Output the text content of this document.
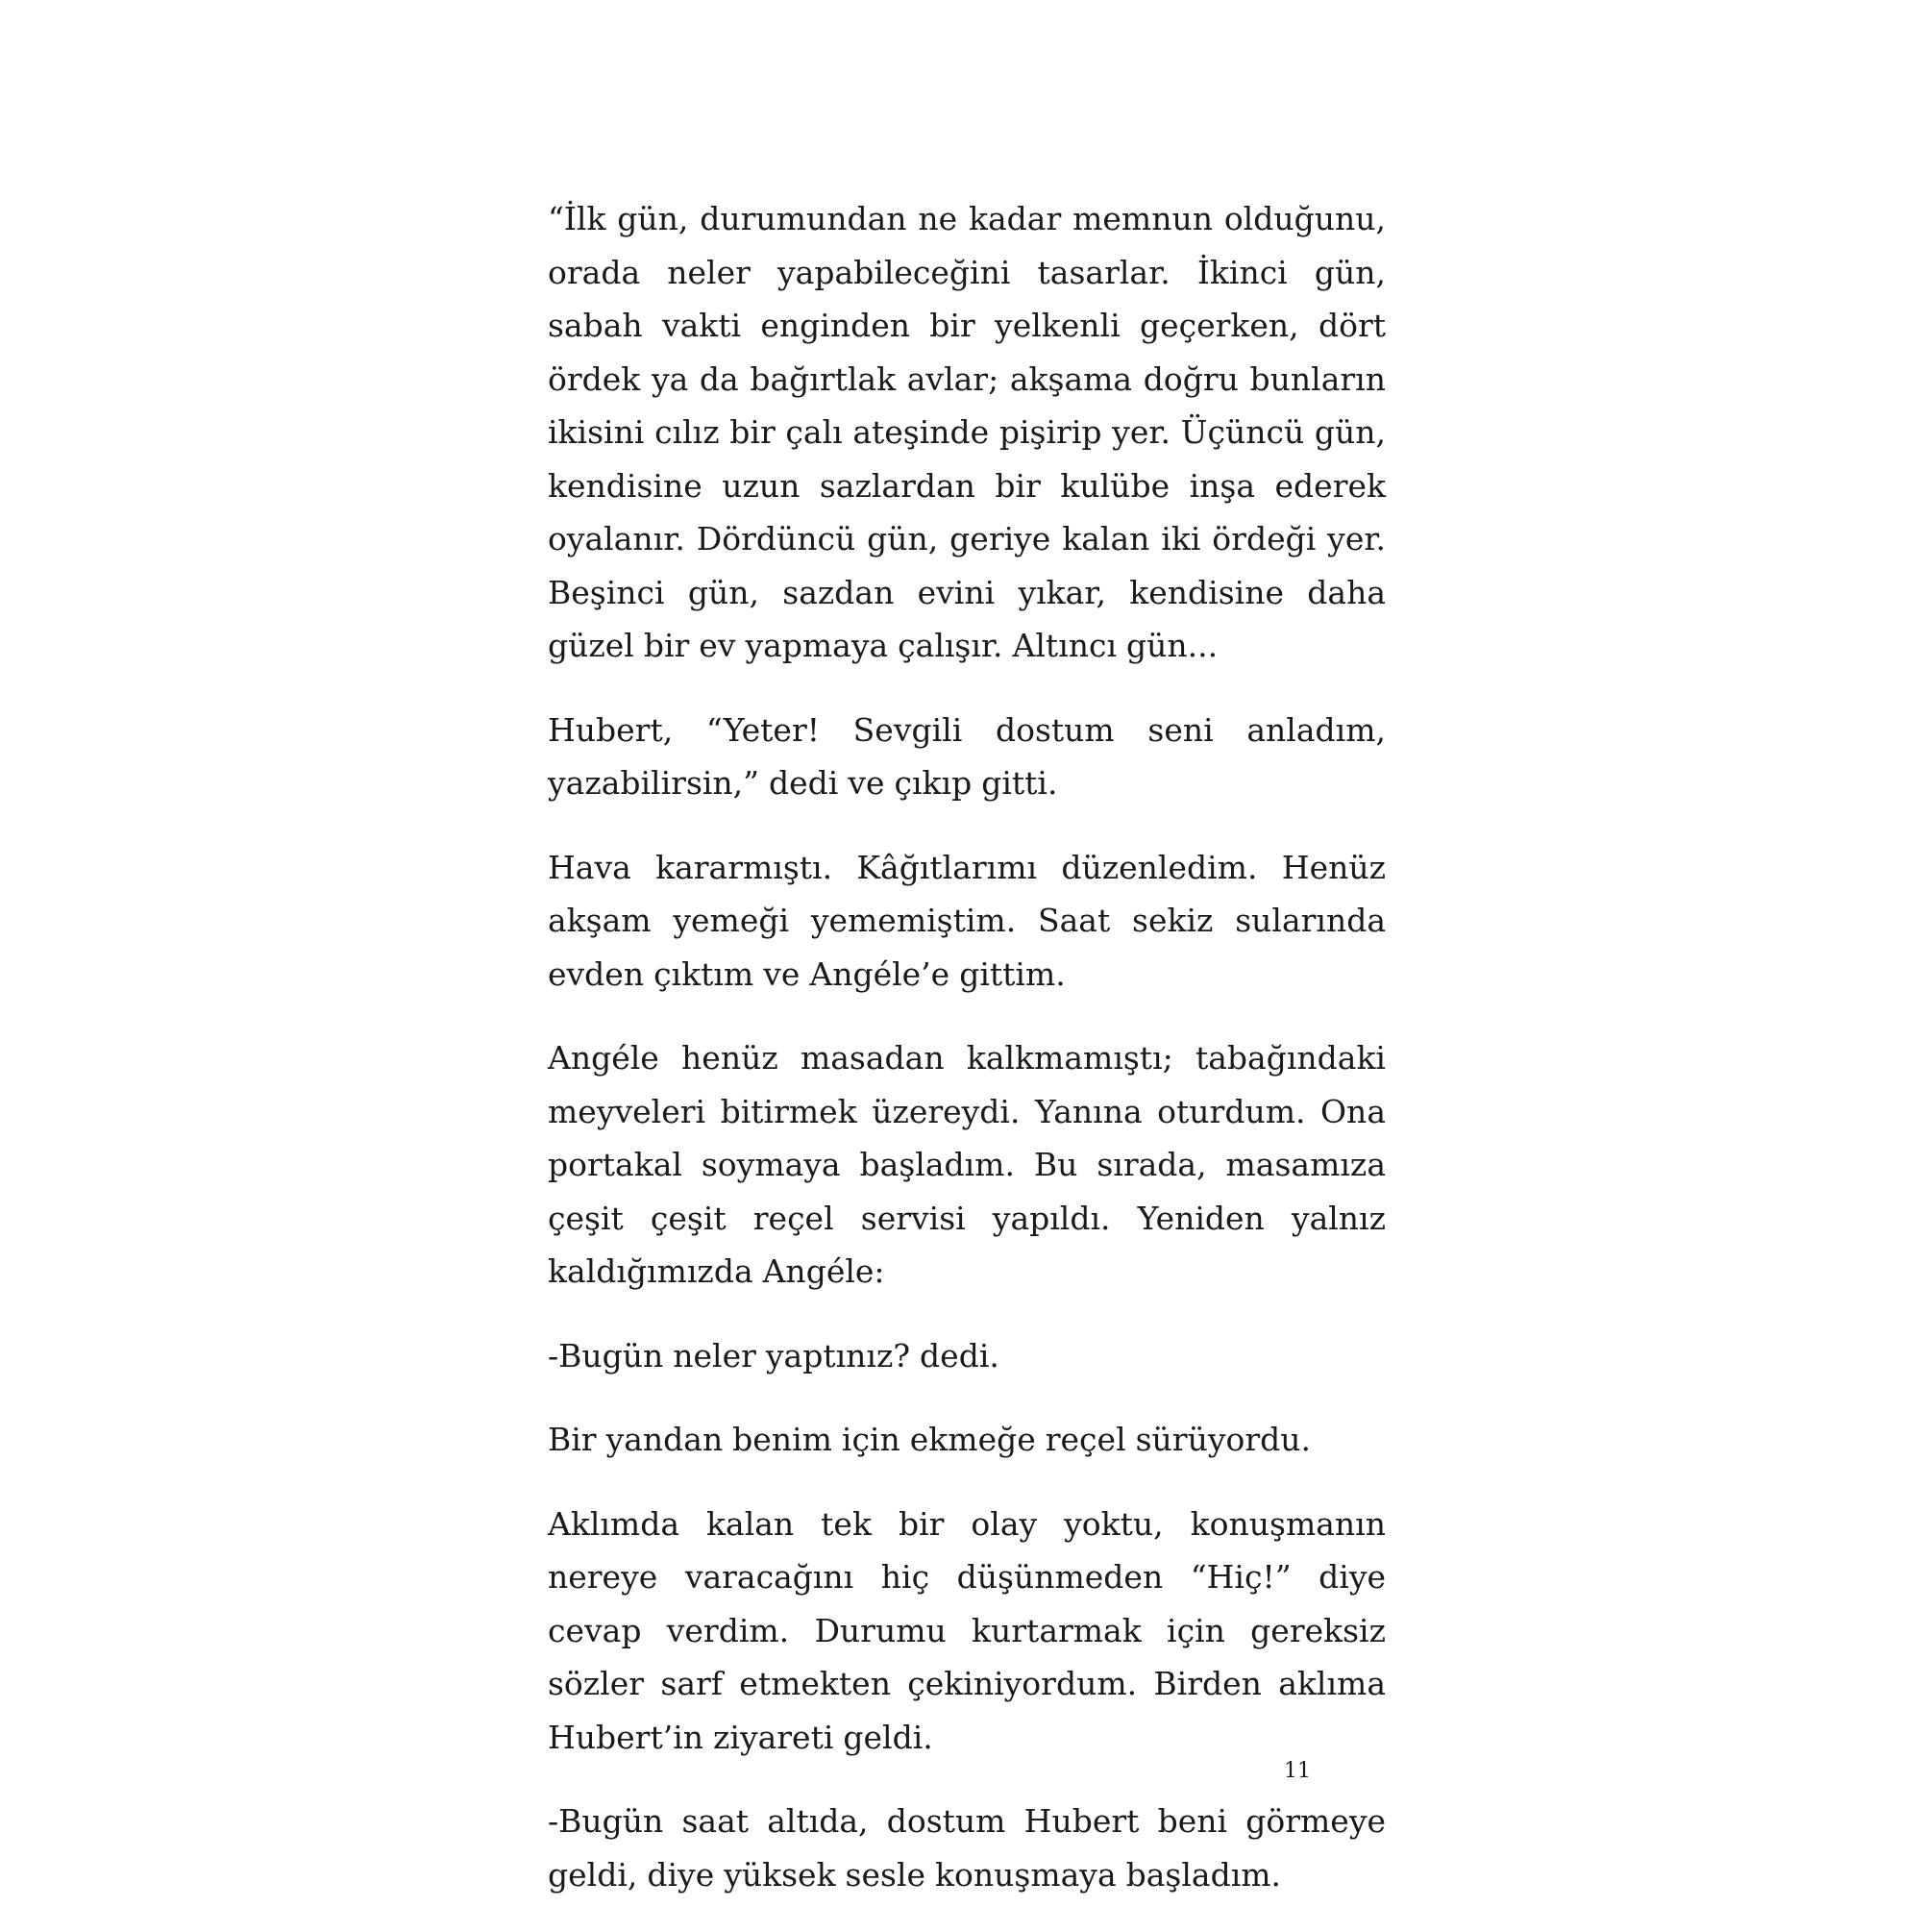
“İlk gün, durumundan ne kadar memnun olduğunu, orada neler yapabileceğini tasarlar. İkinci gün, sabah vakti enginden bir yelkenli geçerken, dört ördek ya da bağırtlak avlar; akşama doğru bunların ikisini cılız bir çalı ateşinde pişirip yer. Üçüncü gün, kendisine uzun sazlardan bir kulübe inşa ederek oyalanır. Dördüncü gün, geriye kalan iki ördeği yer. Beşinci gün, sazdan evini yıkar, kendisine daha güzel bir ev yapmaya çalışır. Altıncı gün...

Hubert, “Yeter! Sevgili dostum seni anladım, yazabilirsin,” dedi ve çıkıp gitti.

Hava kararmıştı. Kâğıtlarımı düzenledim. Henüz akşam yemeği yememiştim. Saat sekiz sularında evden çıktım ve Angéle’e gittim.

Angéle henüz masadan kalkmamıştı; tabağındaki meyveleri bitirmek üzereydi. Yanına oturdum. Ona portakal soymaya başladım. Bu sırada, masamıza çeşit çeşit reçel servisi yapıldı. Yeniden yalnız kaldığımızda Angéle:

-Bugün neler yaptınız? dedi.

Bir yandan benim için ekmeğe reçel sürüyordu.

Aklımda kalan tek bir olay yoktu, konuşmanın nereye varacağını hiç düşünmeden “Hiç!” diye cevap verdim. Durumu kurtarmak için gereksiz sözler sarf etmekten çekiniyordum. Birden aklıma Hubert’in ziyareti geldi.

-Bugün saat altıda, dostum Hubert beni görmeye geldi, diye yüksek sesle konuşmaya başladım.

11
